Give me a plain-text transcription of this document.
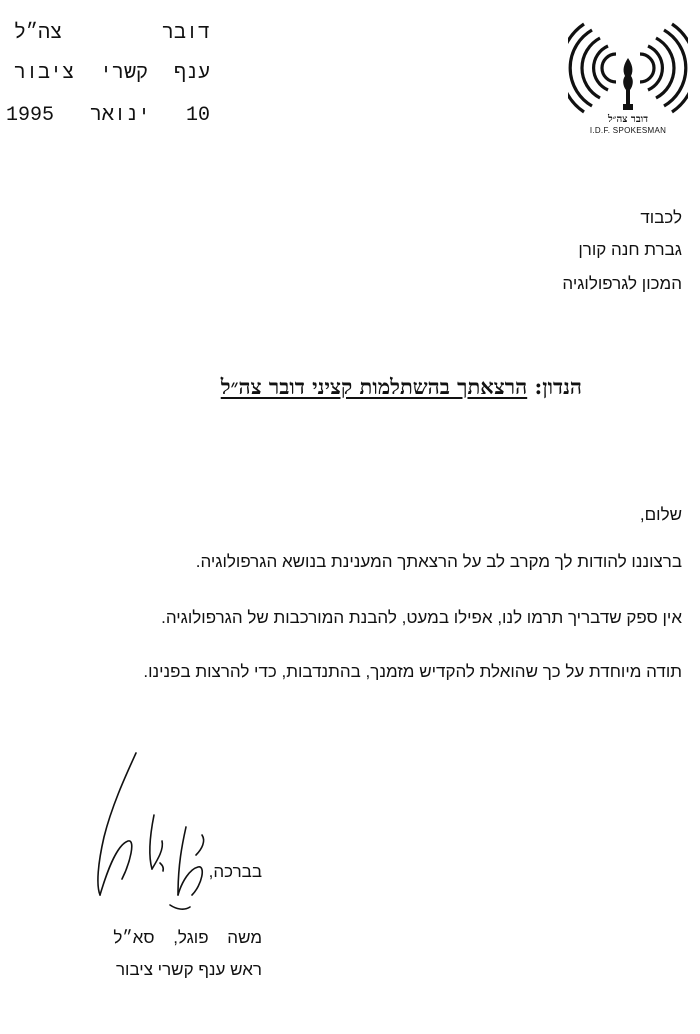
דובר   צה״ל
ענף  קשרי  ציבור
10   ינואר   1995	דובר צה״ל
I.D.F. SPOKESMAN
לכבוד
גברת חנה קורן
המכון לגרפולוגיה
הנדון: הרצאתך בהשתלמות קציני דובר צה״ל
שלום,
ברצוננו להודות לך מקרב לב על הרצאתך המענינת בנושא הגרפולוגיה.
אין ספק שדבריך תרמו לנו, אפילו במעט, להבנת המורכבות של הגרפולוגיה.
תודה מיוחדת על כך שהואלת להקדיש מזמנך, בהתנדבות, כדי להרצות בפנינו.
בברכה,
משה פוגל, סא״ל
ראש ענף קשרי ציבור
